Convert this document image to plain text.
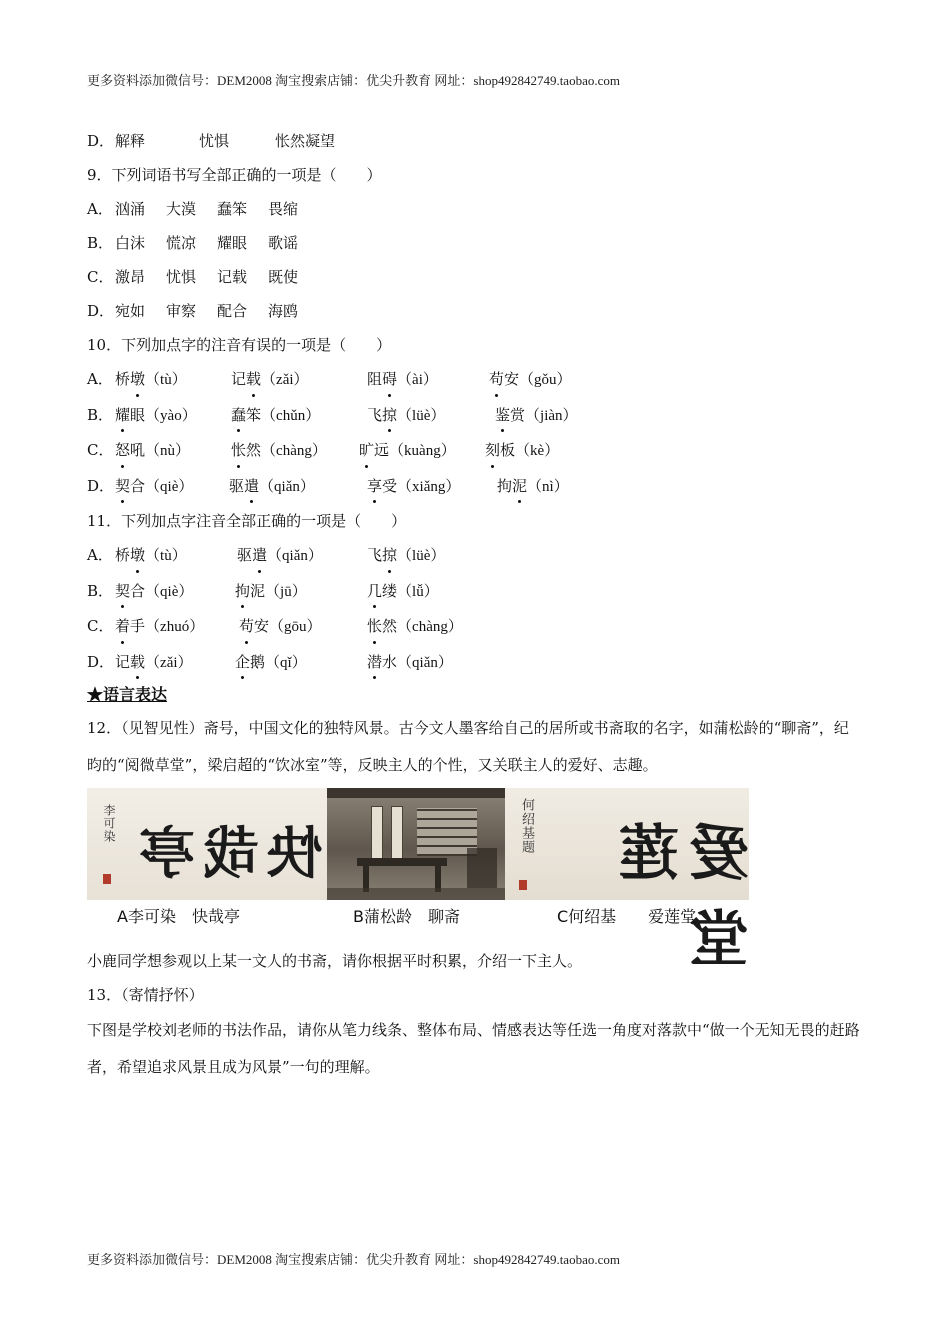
更多资料添加微信号：DEM2008 淘宝搜索店铺：优尖升教育 网址：shop492842749.taobao.com
D．解释	忧惧	怅然凝望
9．下列词语书写全部正确的一项是（　　）
A． 汹涌 大漠 蠢笨 畏缩
B． 白沫 慌凉 耀眼 歌谣
C． 激昂 忧惧 记载 既使
D．宛如 审察 配合 海鸥
10．下列加点字的注音有误的一项是（　　）
A． 桥墩（tù）	记载（zǎi）	阻碍（ài）	苟安（gǒu）
B． 耀眼（yào） 蠢笨（chǔn）	飞掠（lüè）	鉴赏（jiàn）
C． 怒吼（nù）	怅然（chàng） 旷远（kuàng） 刻板（kè）
D．契合（qiè） 驱遣（qiǎn）	享受（xiǎng） 拘泥（nì）
11．下列加点字注音全部正确的一项是（　　）
A． 桥墩（tù）	驱遣（qiǎn）	飞掠（lüè）
B． 契合（qiè）	拘泥（jū）	几缕（lǚ）
C． 着手（zhuó） 苟安（gōu）	怅然（chàng）
D．记载（zǎi）	企鹅（qǐ）	潜水（qiǎn）
★语言表达
12．（见智见性）斋号，中国文化的独特风景。古今文人墨客给自己的居所或书斋取的名字，如蒲松龄的“聊斋”，纪昀的“阅微草堂”，梁启超的“饮冰室”等，反映主人的个性，又关联主人的爱好、志趣。
李可染 快哉亭	何绍基题	爱莲堂
A李可染　快哉亭	B蒲松龄　聊斋	C何绍基　　爱莲堂
小鹿同学想参观以上某一文人的书斋，请你根据平时积累，介绍一下主人。
13．（寄情抒怀）
下图是学校刘老师的书法作品，请你从笔力线条、整体布局、情感表达等任选一角度对落款中“做一个无知无畏的赶路者，希望追求风景且成为风景”一句的理解。
更多资料添加微信号：DEM2008 淘宝搜索店铺：优尖升教育 网址：shop492842749.taobao.com
